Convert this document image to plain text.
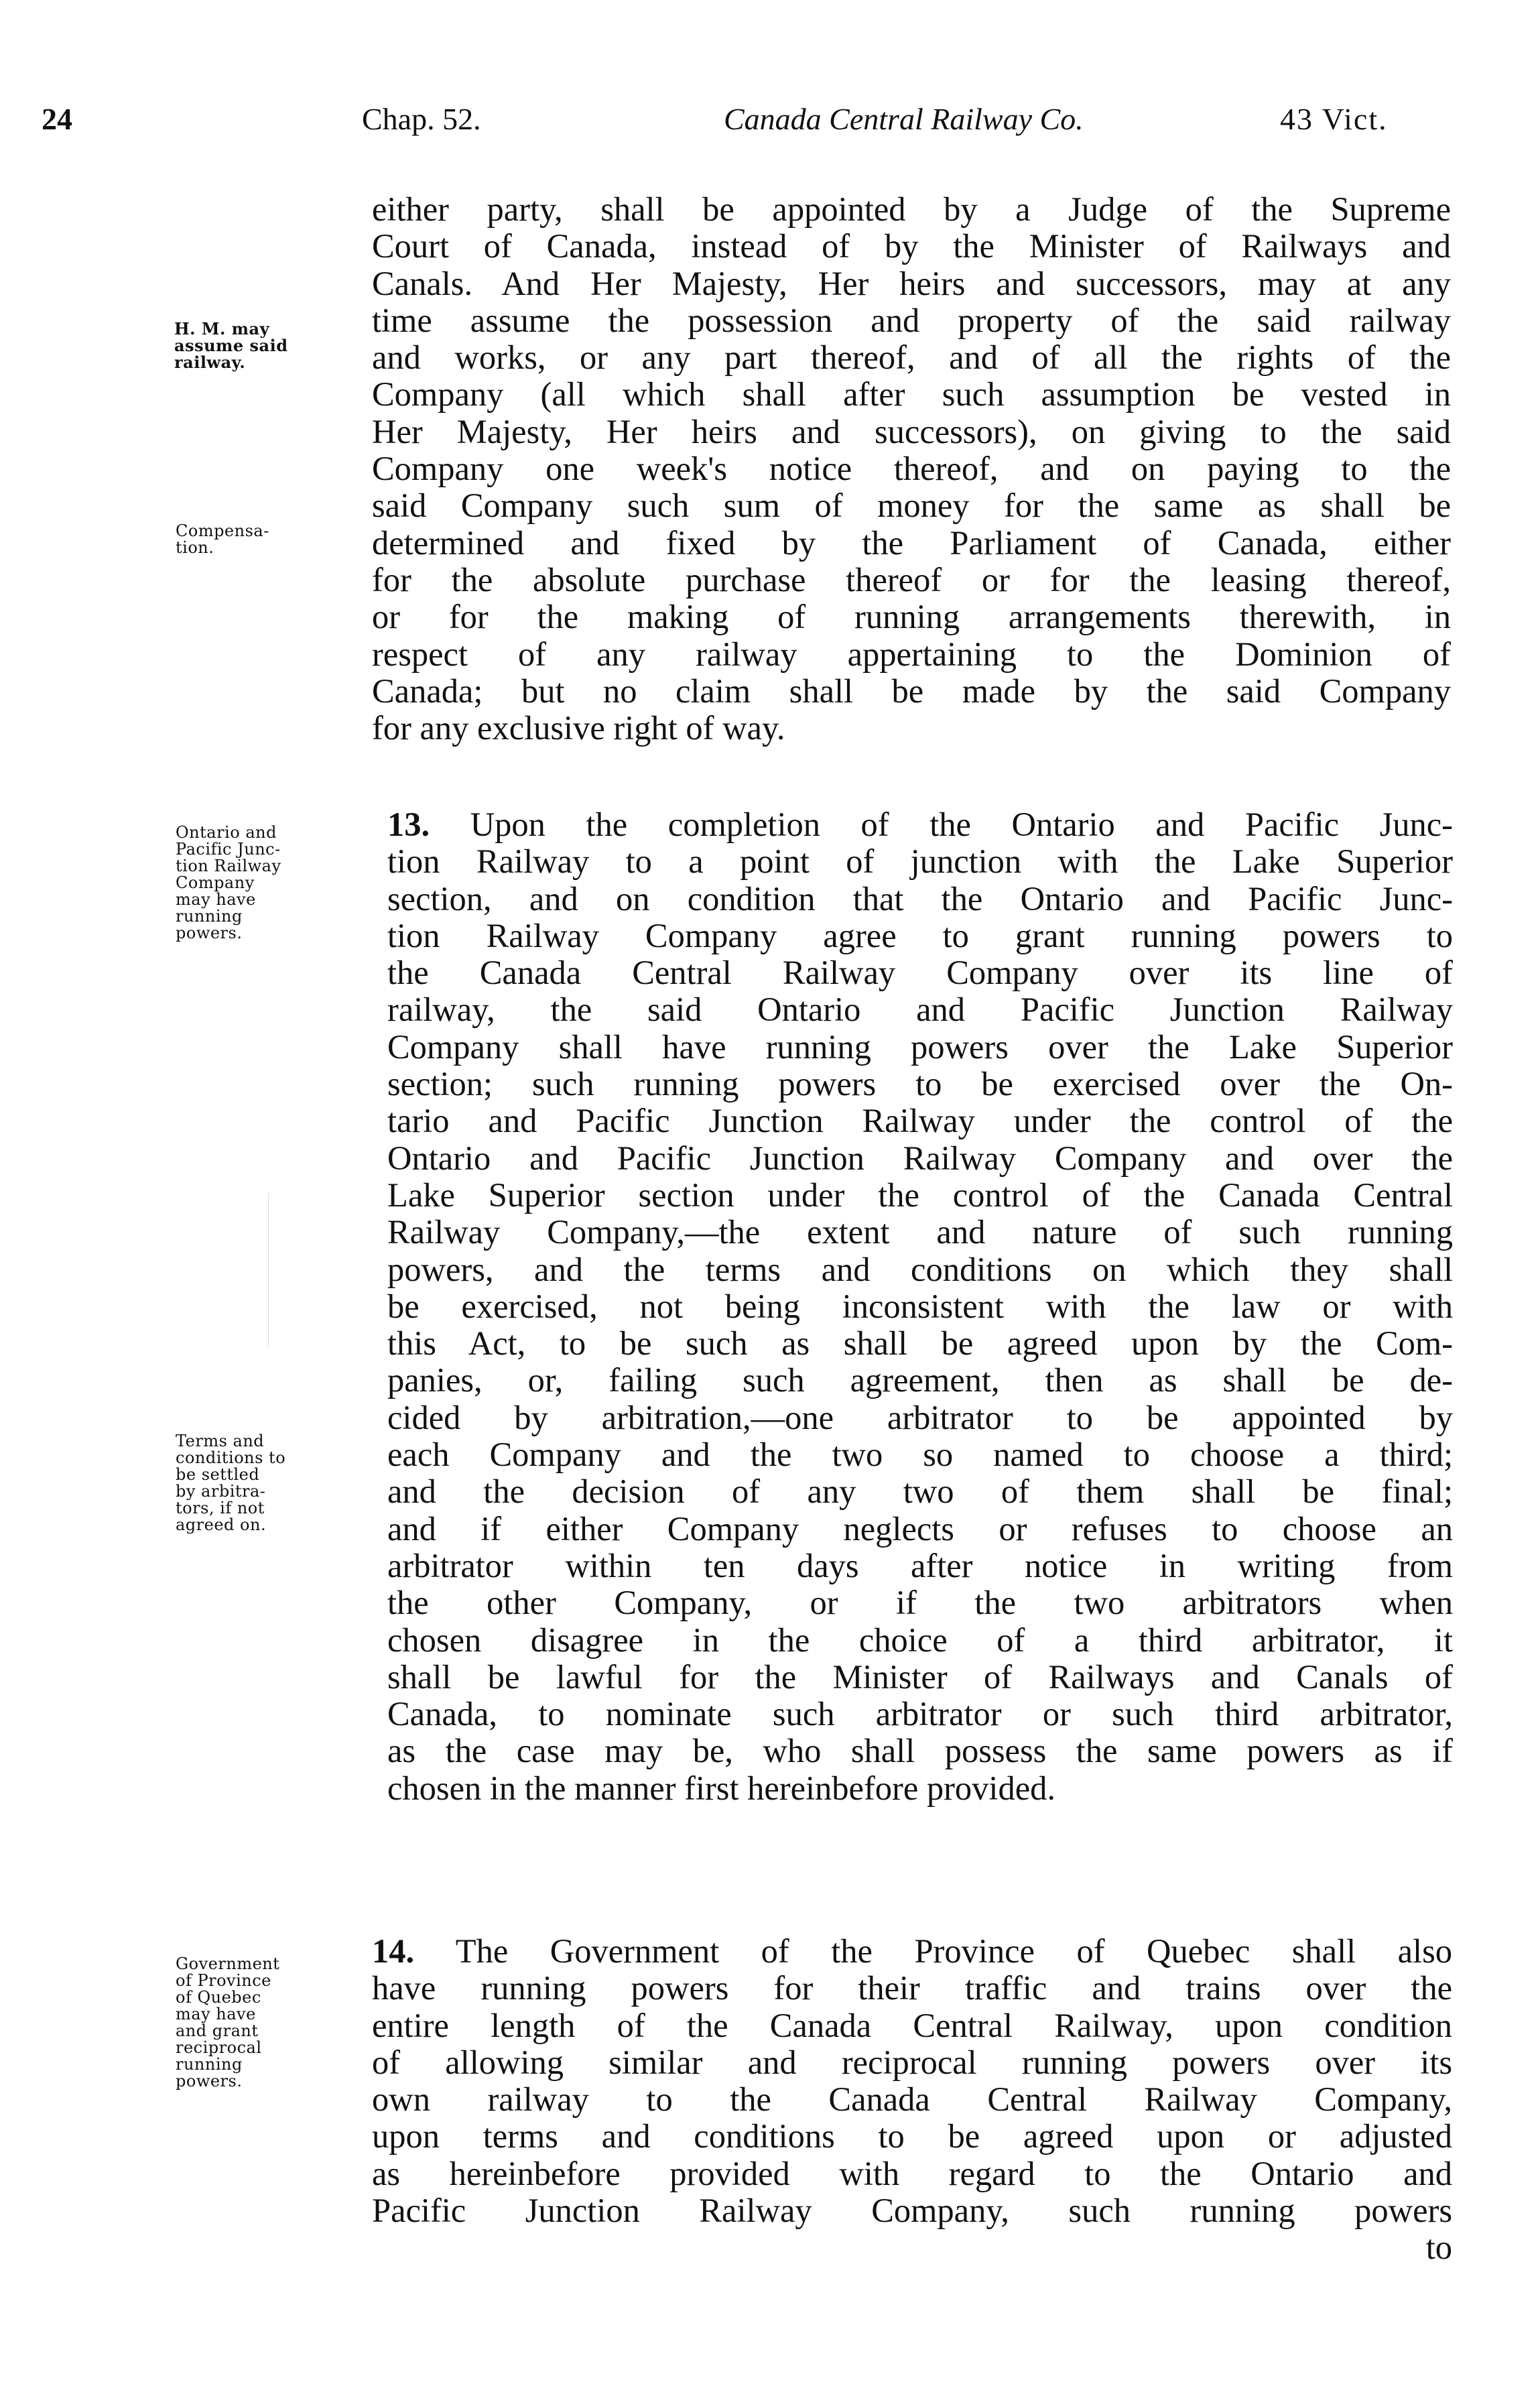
24	Chap. 52.	Canada Central Railway Co.	43 Vict.
H. M. may
assume said
railway.
Compensa-
tion.
Ontario and
Pacific Junc-
tion Railway
Company
may have
running
powers.
Terms and
conditions to
be settled
by arbitra-
tors, if not
agreed on.
Government
of Province
of Quebec
may have
and grant
reciprocal
running
powers.
either party, shall be appointed by a Judge of the Supreme
Court of Canada, instead of by the Minister of Railways and
Canals. And Her Majesty, Her heirs and successors, may at any
time assume the possession and property of the said railway
and works, or any part thereof, and of all the rights of the
Company (all which shall after such assumption be vested in
Her Majesty, Her heirs and successors), on giving to the said
Company one week's notice thereof, and on paying to the
said Company such sum of money for the same as shall be
determined and fixed by the Parliament of Canada, either
for the absolute purchase thereof or for the leasing thereof,
or for the making of running arrangements therewith, in
respect of any railway appertaining to the Dominion of
Canada; but no claim shall be made by the said Company
for any exclusive right of way.
13. Upon the completion of the Ontario and Pacific Junc-
tion Railway to a point of junction with the Lake Superior
section, and on condition that the Ontario and Pacific Junc-
tion Railway Company agree to grant running powers to
the Canada Central Railway Company over its line of
railway, the said Ontario and Pacific Junction Railway
Company shall have running powers over the Lake Superior
section; such running powers to be exercised over the On-
tario and Pacific Junction Railway under the control of the
Ontario and Pacific Junction Railway Company and over the
Lake Superior section under the control of the Canada Central
Railway Company,—the extent and nature of such running
powers, and the terms and conditions on which they shall
be exercised, not being inconsistent with the law or with
this Act, to be such as shall be agreed upon by the Com-
panies, or, failing such agreement, then as shall be de-
cided by arbitration,—one arbitrator to be appointed by
each Company and the two so named to choose a third;
and the decision of any two of them shall be final;
and if either Company neglects or refuses to choose an
arbitrator within ten days after notice in writing from
the other Company, or if the two arbitrators when
chosen disagree in the choice of a third arbitrator, it
shall be lawful for the Minister of Railways and Canals of
Canada, to nominate such arbitrator or such third arbitrator,
as the case may be, who shall possess the same powers as if
chosen in the manner first hereinbefore provided.
14. The Government of the Province of Quebec shall also
have running powers for their traffic and trains over the
entire length of the Canada Central Railway, upon condition
of allowing similar and reciprocal running powers over its
own railway to the Canada Central Railway Company,
upon terms and conditions to be agreed upon or adjusted
as hereinbefore provided with regard to the Ontario and
Pacific Junction Railway Company, such running powers
to
